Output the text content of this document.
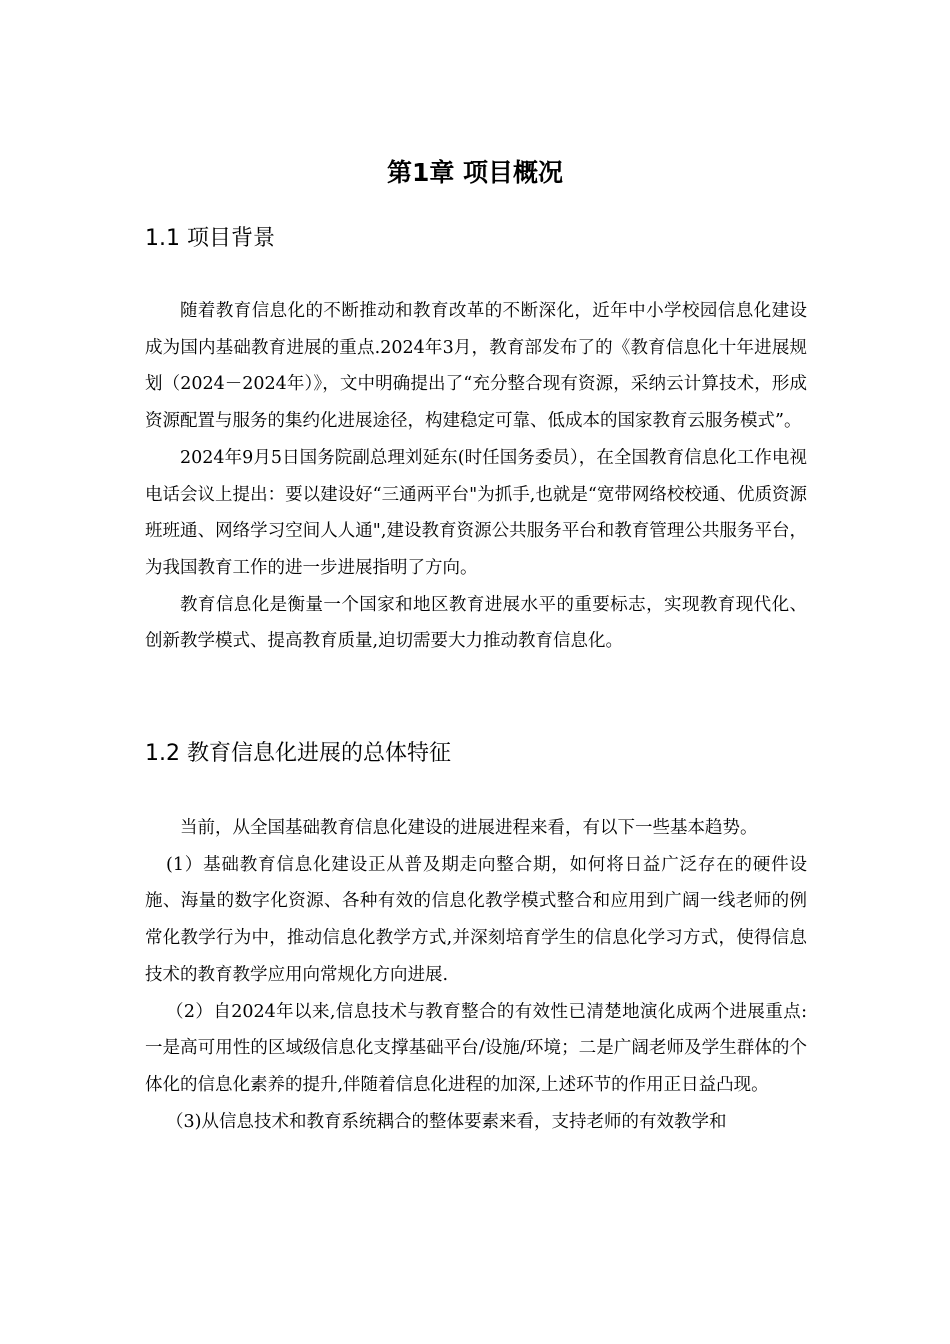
第1章 项目概况
1.1 项目背景

随着教育信息化的不断推动和教育改革的不断深化，近年中小学校园信息化建设成为国内基础教育进展的重点.2024年3月，教育部发布了的《教育信息化十年进展规划（2024－2024年）》，文中明确提出了“充分整合现有资源，采纳云计算技术，形成资源配置与服务的集约化进展途径，构建稳定可靠、低成本的国家教育云服务模式”。

2024年9月5日国务院副总理刘延东(时任国务委员），在全国教育信息化工作电视电话会议上提出：要以建设好“三通两平台"为抓手,也就是“宽带网络校校通、优质资源班班通、网络学习空间人人通",建设教育资源公共服务平台和教育管理公共服务平台，为我国教育工作的进一步进展指明了方向。

教育信息化是衡量一个国家和地区教育进展水平的重要标志，实现教育现代化、创新教学模式、提高教育质量,迫切需要大力推动教育信息化。

1.2 教育信息化进展的总体特征

当前，从全国基础教育信息化建设的进展进程来看，有以下一些基本趋势。

(1）基础教育信息化建设正从普及期走向整合期，如何将日益广泛存在的硬件设施、海量的数字化资源、各种有效的信息化教学模式整合和应用到广阔一线老师的例常化教学行为中，推动信息化教学方式,并深刻培育学生的信息化学习方式，使得信息技术的教育教学应用向常规化方向进展.

（2）自2024年以来,信息技术与教育整合的有效性已清楚地演化成两个进展重点:一是高可用性的区域级信息化支撑基础平台/设施/环境；二是广阔老师及学生群体的个体化的信息化素养的提升,伴随着信息化进程的加深,上述环节的作用正日益凸现。

（3)从信息技术和教育系统耦合的整体要素来看，支持老师的有效教学和
